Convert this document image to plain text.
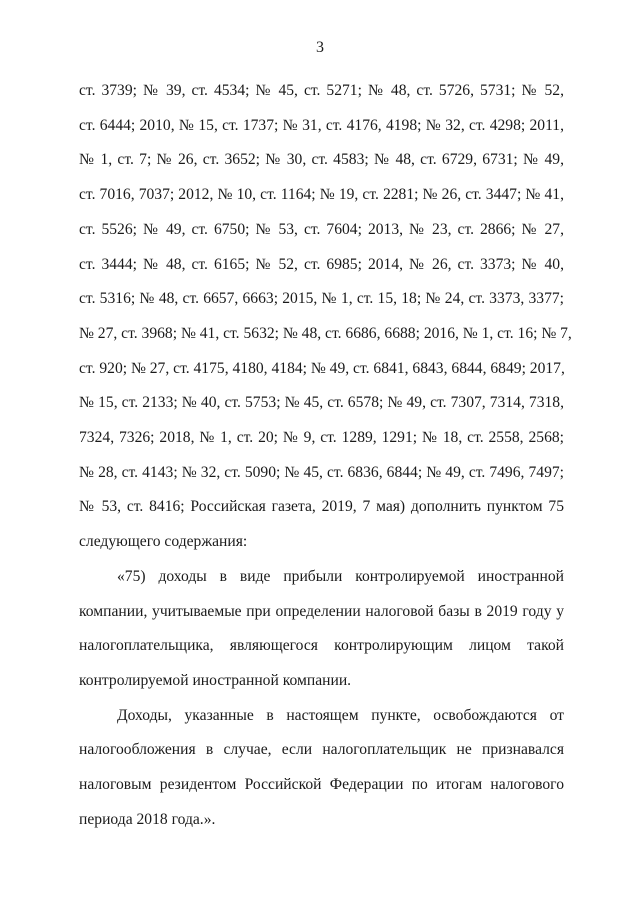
3
ст. 3739; № 39, ст. 4534; № 45, ст. 5271; № 48, ст. 5726, 5731; № 52,
ст. 6444; 2010, № 15, ст. 1737; № 31, ст. 4176, 4198; № 32, ст. 4298; 2011,
№ 1, ст. 7; № 26, ст. 3652; № 30, ст. 4583; № 48, ст. 6729, 6731; № 49,
ст. 7016, 7037; 2012, № 10, ст. 1164; № 19, ст. 2281; № 26, ст. 3447; № 41,
ст. 5526; № 49, ст. 6750; № 53, ст. 7604; 2013, № 23, ст. 2866; № 27,
ст. 3444; № 48, ст. 6165; № 52, ст. 6985; 2014, № 26, ст. 3373; № 40,
ст. 5316; № 48, ст. 6657, 6663; 2015, № 1, ст. 15, 18; № 24, ст. 3373, 3377;
№ 27, ст. 3968; № 41, ст. 5632; № 48, ст. 6686, 6688; 2016, № 1, ст. 16; № 7,
ст. 920; № 27, ст. 4175, 4180, 4184; № 49, ст. 6841, 6843, 6844, 6849; 2017,
№ 15, ст. 2133; № 40, ст. 5753; № 45, ст. 6578; № 49, ст. 7307, 7314, 7318,
7324, 7326; 2018, № 1, ст. 20; № 9, ст. 1289, 1291; № 18, ст. 2558, 2568;
№ 28, ст. 4143; № 32, ст. 5090; № 45, ст. 6836, 6844; № 49, ст. 7496, 7497;
№ 53, ст. 8416; Российская газета, 2019, 7 мая) дополнить пунктом 75
следующего содержания:
«75) доходы в виде прибыли контролируемой иностранной
компании, учитываемые при определении налоговой базы в 2019 году у
налогоплательщика, являющегося контролирующим лицом такой
контролируемой иностранной компании.
Доходы, указанные в настоящем пункте, освобождаются от
налогообложения в случае, если налогоплательщик не признавался
налоговым резидентом Российской Федерации по итогам налогового
периода 2018 года.».
